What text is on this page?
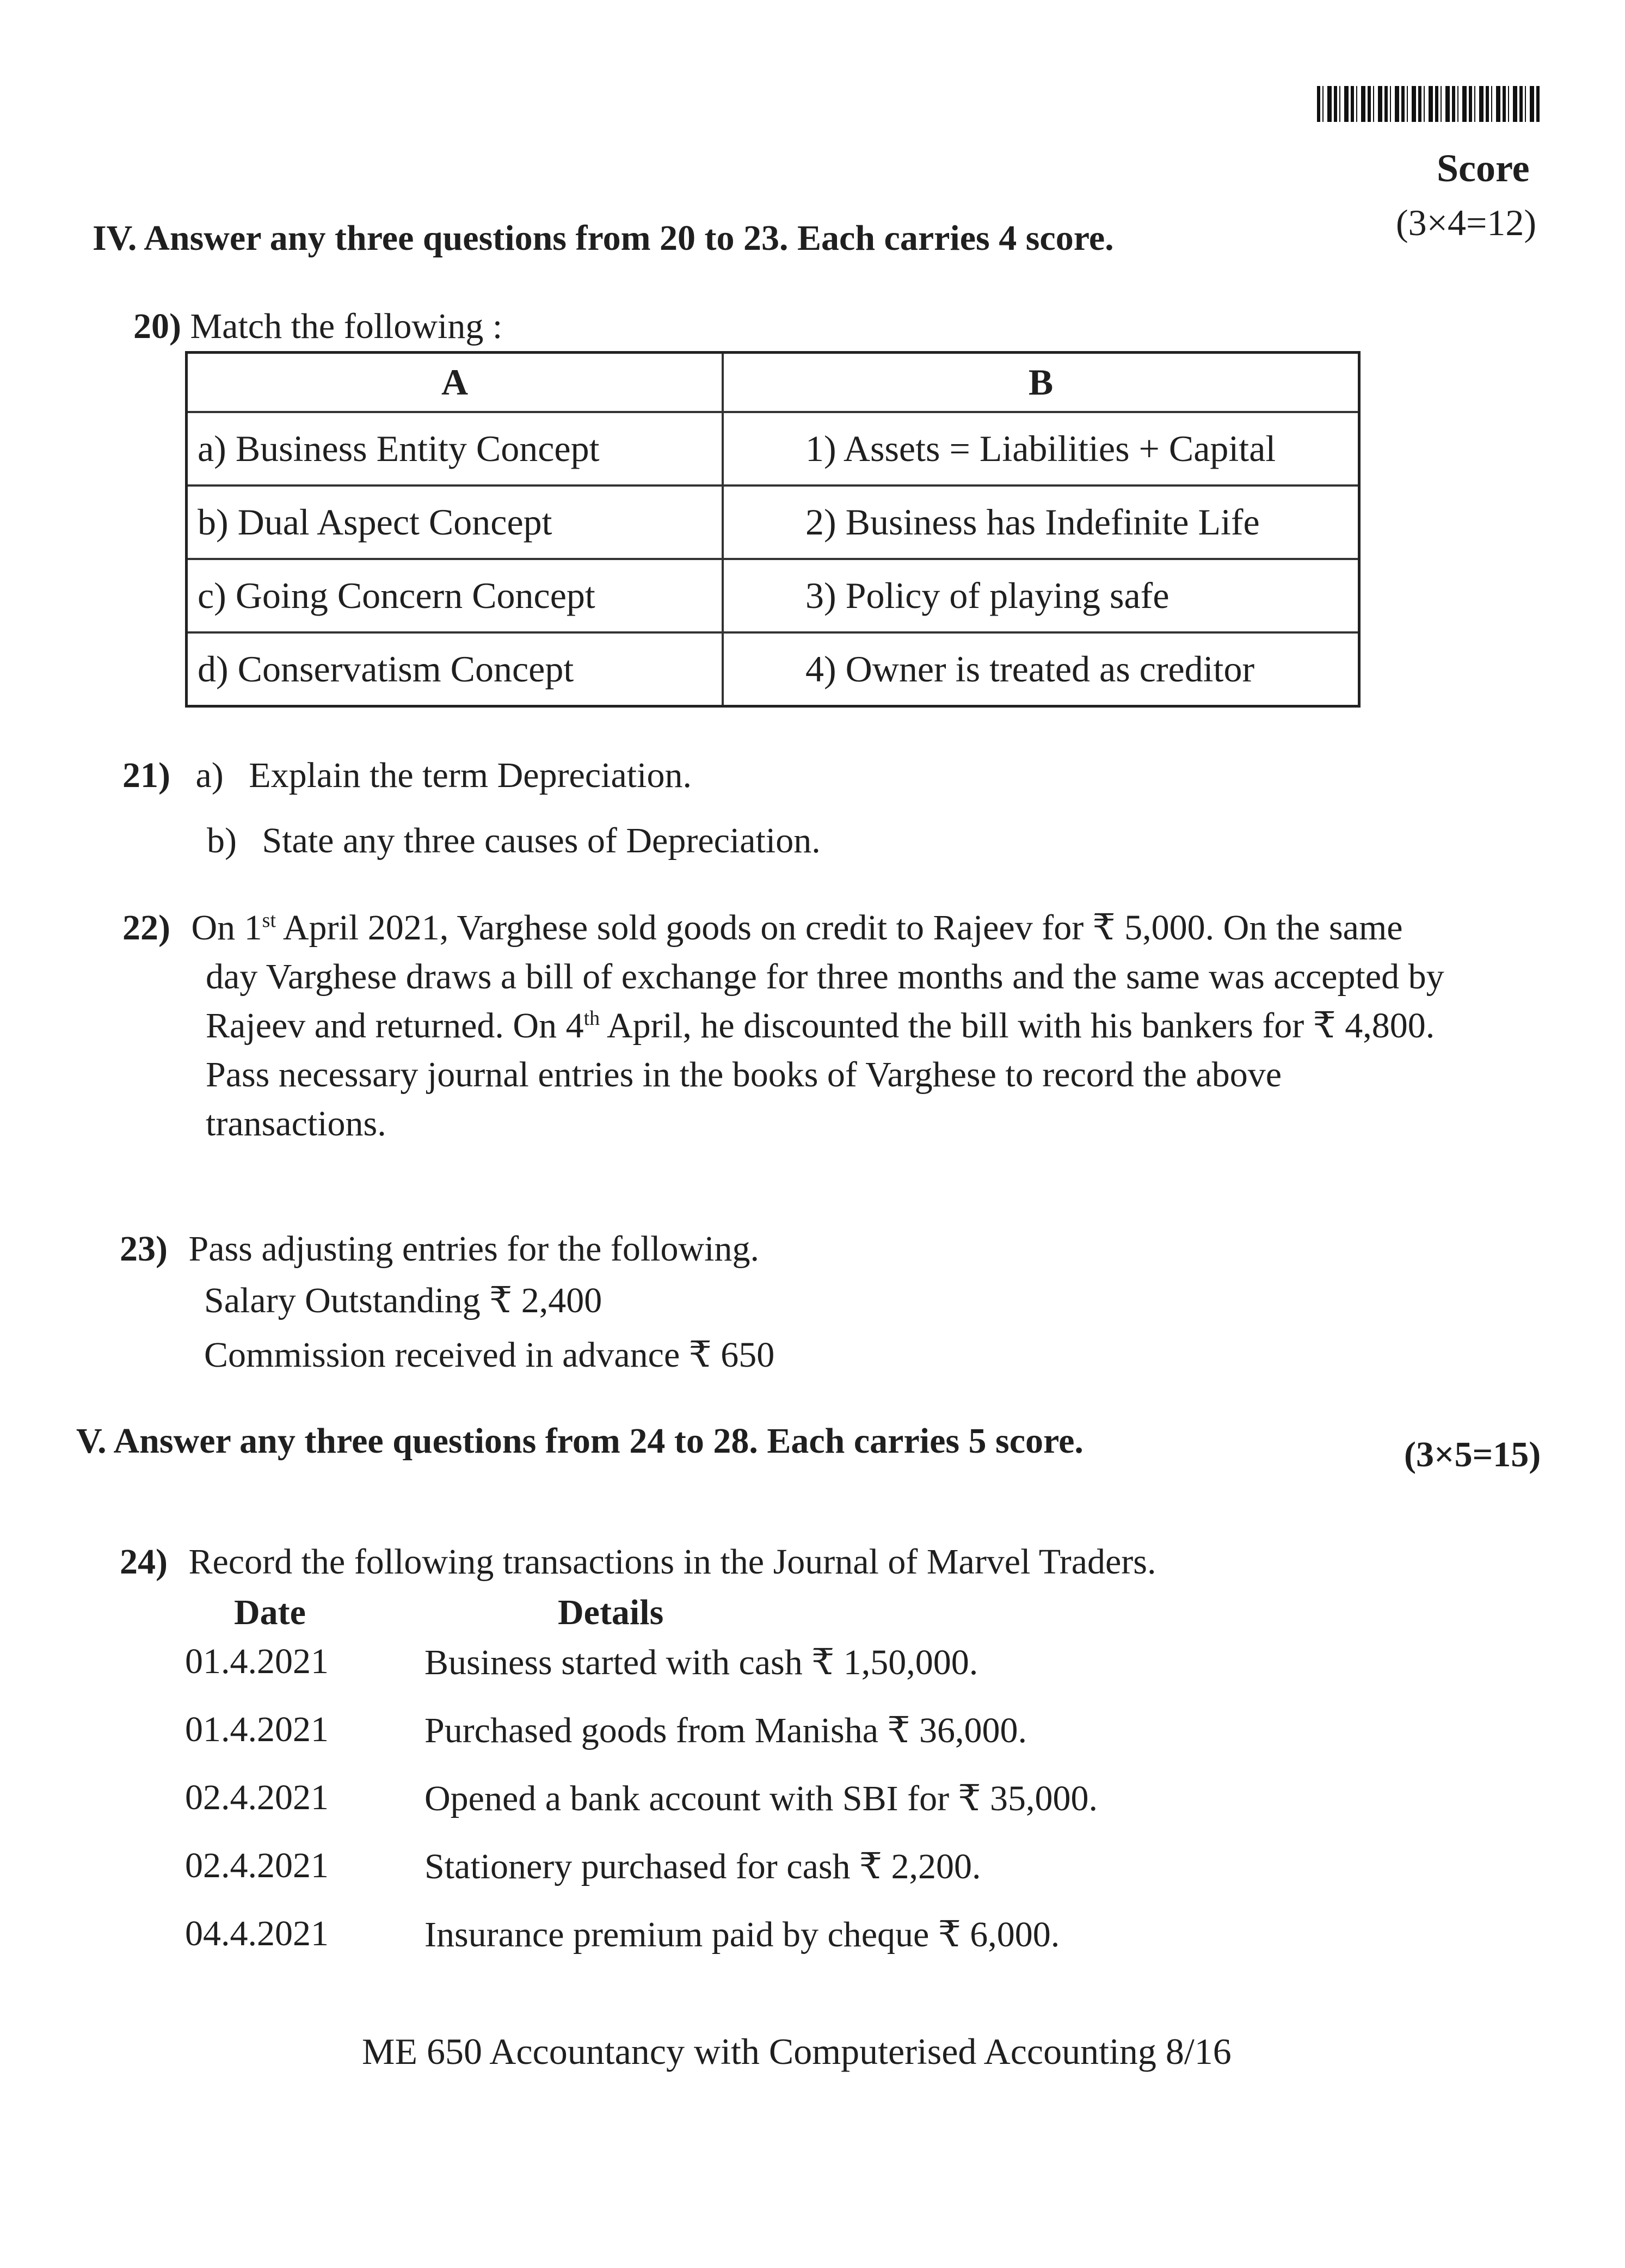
Score
(3×4=12)
IV. Answer any three questions from 20 to 23. Each carries 4 score.
20) Match the following :
A	B
a) Business Entity Concept	1) Assets = Liabilities + Capital
b) Dual Aspect Concept	2) Business has Indefinite Life
c) Going Concern Concept	3) Policy of playing safe
d) Conservatism Concept	4) Owner is treated as creditor
21) a) Explain the term Depreciation.
b) State any three causes of Depreciation.
22) On 1st April 2021, Varghese sold goods on credit to Rajeev for ₹ 5,000. On the same
day Varghese draws a bill of exchange for three months and the same was accepted by
Rajeev and returned. On 4th April, he discounted the bill with his bankers for ₹ 4,800.
Pass necessary journal entries in the books of Varghese to record the above
transactions.
23) Pass adjusting entries for the following.
Salary Outstanding ₹ 2,400
Commission received in advance ₹ 650
V. Answer any three questions from 24 to 28. Each carries 5 score.	(3×5=15)
24) Record the following transactions in the Journal of Marvel Traders.
Date	Details
01.4.2021	Business started with cash ₹ 1,50,000.
01.4.2021	Purchased goods from Manisha ₹ 36,000.
02.4.2021	Opened a bank account with SBI for ₹ 35,000.
02.4.2021	Stationery purchased for cash ₹ 2,200.
04.4.2021	Insurance premium paid by cheque ₹ 6,000.
ME 650 Accountancy with Computerised Accounting 8/16
